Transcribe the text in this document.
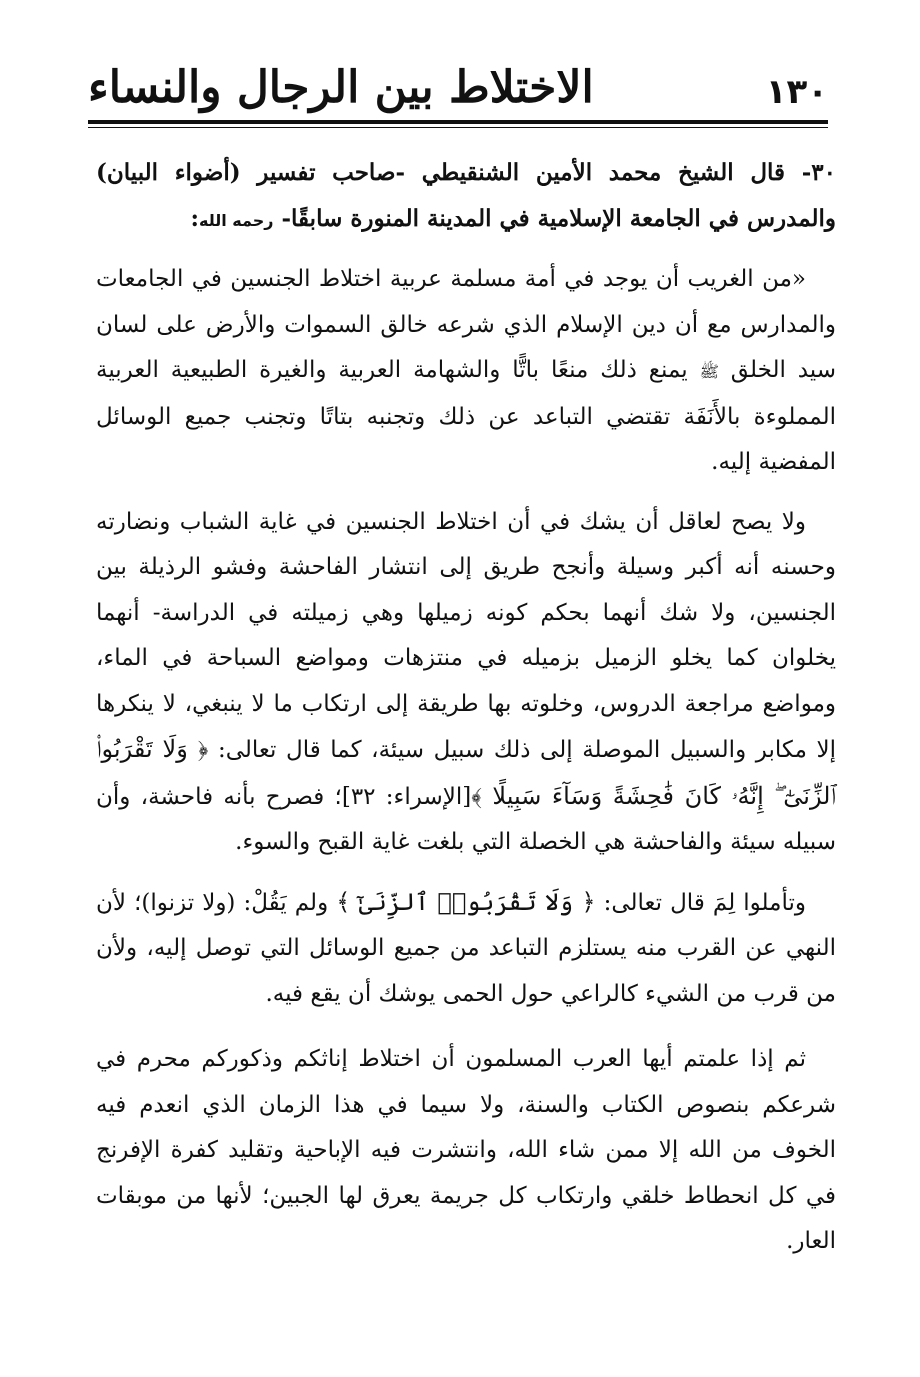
الاختلاط بين الرجال والنساء	١٣٠

٣٠- قال الشيخ محمد الأمين الشنقيطي -صاحب تفسير (أضواء البيان) والمدرس في الجامعة الإسلامية في المدينة المنورة سابقًا- رحمه الله:

«من الغريب أن يوجد في أمة مسلمة عربية اختلاط الجنسين في الجامعات والمدارس مع أن دين الإسلام الذي شرعه خالق السموات والأرض على لسان سيد الخلق ﷺ يمنع ذلك منعًا باتًّا والشهامة العربية والغيرة الطبيعية العربية المملوءة بالأَنَفَة تقتضي التباعد عن ذلك وتجنبه بتاتًا وتجنب جميع الوسائل المفضية إليه.

ولا يصح لعاقل أن يشك في أن اختلاط الجنسين في غاية الشباب ونضارته وحسنه أنه أكبر وسيلة وأنجح طريق إلى انتشار الفاحشة وفشو الرذيلة بين الجنسين، ولا شك أنهما بحكم كونه زميلها وهي زميلته في الدراسة- أنهما يخلوان كما يخلو الزميل بزميله في منتزهات ومواضع السباحة في الماء، ومواضع مراجعة الدروس، وخلوته بها طريقة إلى ارتكاب ما لا ينبغي، لا ينكرها إلا مكابر والسبيل الموصلة إلى ذلك سبيل سيئة، كما قال تعالى: ﴿ وَلَا تَقْرَبُوا۟ ٱلزِّنَىٰٓ ۖ إِنَّهُۥ كَانَ فَٰحِشَةً وَسَآءَ سَبِيلًا ﴾[الإسراء: ٣٢]؛ فصرح بأنه فاحشة، وأن سبيله سيئة والفاحشة هي الخصلة التي بلغت غاية القبح والسوء.

وتأملوا لِمَ قال تعالى: ﴿ وَلَا تَقْرَبُوا۟ ٱلزِّنَىٰٓ ﴾ ولم يَقُلْ: (ولا تزنوا)؛ لأن النهي عن القرب منه يستلزم التباعد من جميع الوسائل التي توصل إليه، ولأن من قرب من الشيء كالراعي حول الحمى يوشك أن يقع فيه.

ثم إذا علمتم أيها العرب المسلمون أن اختلاط إناثكم وذكوركم محرم في شرعكم بنصوص الكتاب والسنة، ولا سيما في هذا الزمان الذي انعدم فيه الخوف من الله إلا ممن شاء الله، وانتشرت فيه الإباحية وتقليد كفرة الإفرنج في كل انحطاط خلقي وارتكاب كل جريمة يعرق لها الجبين؛ لأنها من موبقات العار.
